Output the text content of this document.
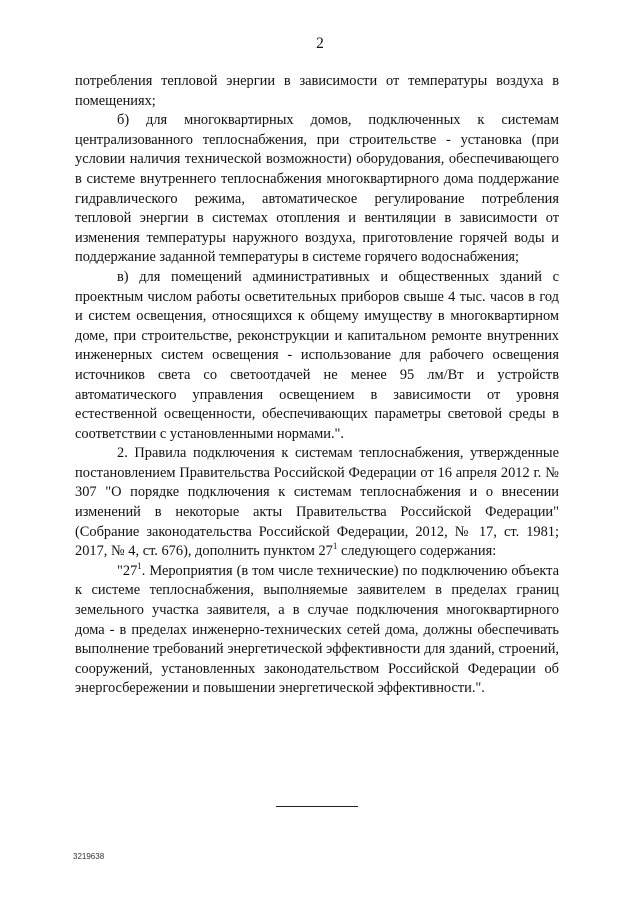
2

потребления тепловой энергии в зависимости от температуры воздуха в помещениях;

б) для многоквартирных домов, подключенных к системам централизованного теплоснабжения, при строительстве - установка (при условии наличия технической возможности) оборудования, обеспечивающего в системе внутреннего теплоснабжения многоквартирного дома поддержание гидравлического режима, автоматическое регулирование потребления тепловой энергии в системах отопления и вентиляции в зависимости от изменения температуры наружного воздуха, приготовление горячей воды и поддержание заданной температуры в системе горячего водоснабжения;

в) для помещений административных и общественных зданий с проектным числом работы осветительных приборов свыше 4 тыс. часов в год и систем освещения, относящихся к общему имуществу в многоквартирном доме, при строительстве, реконструкции и капитальном ремонте внутренних инженерных систем освещения - использование для рабочего освещения источников света со светоотдачей не менее 95 лм/Вт и устройств автоматического управления освещением в зависимости от уровня естественной освещенности, обеспечивающих параметры световой среды в соответствии с установленными нормами.".

2. Правила подключения к системам теплоснабжения, утвержденные постановлением Правительства Российской Федерации от 16 апреля 2012 г. № 307 "О порядке подключения к системам теплоснабжения и о внесении изменений в некоторые акты Правительства Российской Федерации" (Собрание законодательства Российской Федерации, 2012, № 17, ст. 1981; 2017, № 4, ст. 676), дополнить пунктом $27^1$ следующего содержания:

"$27^1$. Мероприятия (в том числе технические) по подключению объекта к системе теплоснабжения, выполняемые заявителем в пределах границ земельного участка заявителя, а в случае подключения многоквартирного дома - в пределах инженерно-технических сетей дома, должны обеспечивать выполнение требований энергетической эффективности для зданий, строений, сооружений, установленных законодательством Российской Федерации об энергосбережении и повышении энергетической эффективности.".

3219638
